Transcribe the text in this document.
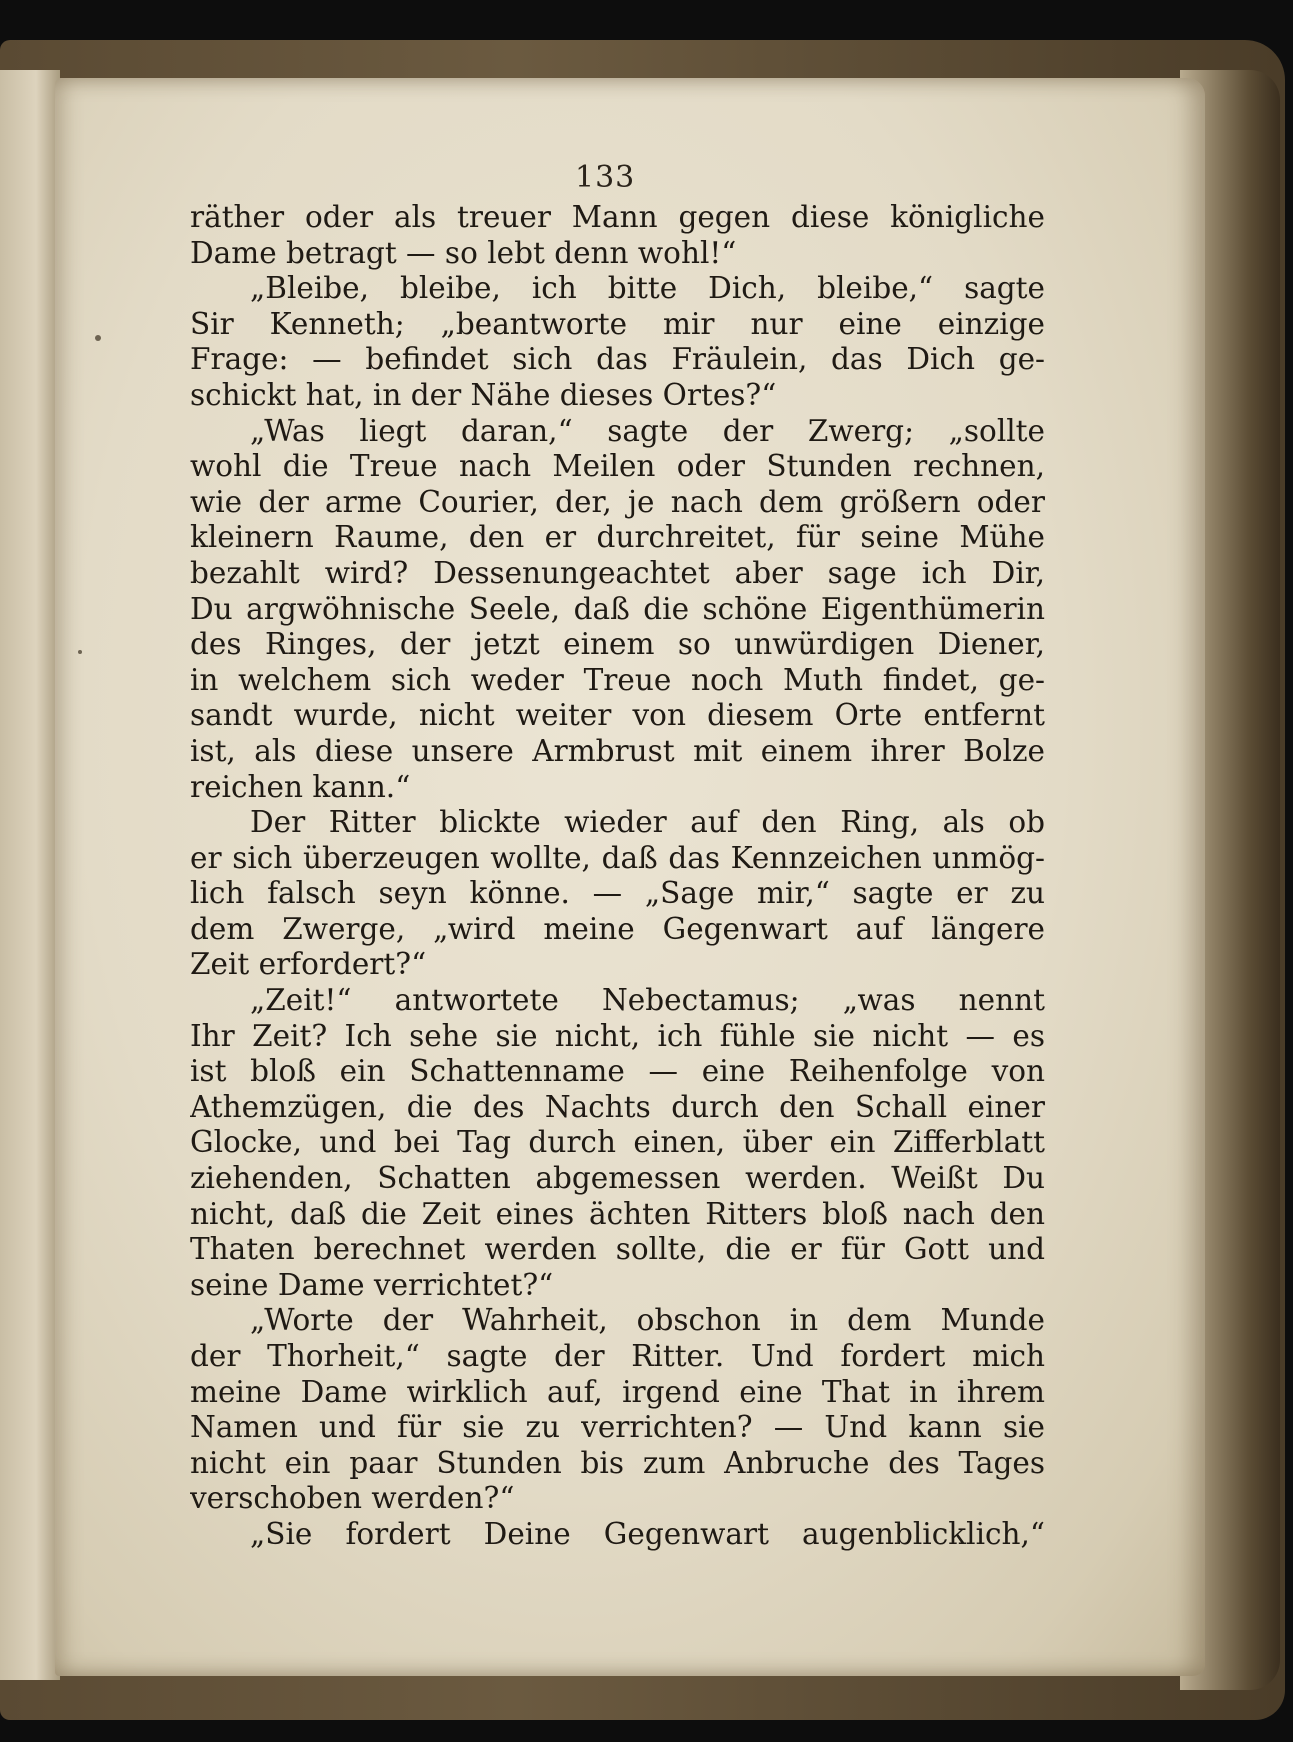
133
räther oder als treuer Mann gegen diese königliche
Dame betragt — so lebt denn wohl!“
„Bleibe, bleibe, ich bitte Dich, bleibe,“ sagte
Sir Kenneth; „beantworte mir nur eine einzige
Frage: — befindet sich das Fräulein, das Dich ge-
schickt hat, in der Nähe dieses Ortes?“
„Was liegt daran,“ sagte der Zwerg; „sollte
wohl die Treue nach Meilen oder Stunden rechnen,
wie der arme Courier, der, je nach dem größern oder
kleinern Raume, den er durchreitet, für seine Mühe
bezahlt wird? Dessenungeachtet aber sage ich Dir,
Du argwöhnische Seele, daß die schöne Eigenthümerin
des Ringes, der jetzt einem so unwürdigen Diener,
in welchem sich weder Treue noch Muth findet, ge-
sandt wurde, nicht weiter von diesem Orte entfernt
ist, als diese unsere Armbrust mit einem ihrer Bolze
reichen kann.“
Der Ritter blickte wieder auf den Ring, als ob
er sich überzeugen wollte, daß das Kennzeichen unmög-
lich falsch seyn könne. — „Sage mir,“ sagte er zu
dem Zwerge, „wird meine Gegenwart auf längere
Zeit erfordert?“
„Zeit!“ antwortete Nebectamus; „was nennt
Ihr Zeit? Ich sehe sie nicht, ich fühle sie nicht — es
ist bloß ein Schattenname — eine Reihenfolge von
Athemzügen, die des Nachts durch den Schall einer
Glocke, und bei Tag durch einen, über ein Zifferblatt
ziehenden, Schatten abgemessen werden. Weißt Du
nicht, daß die Zeit eines ächten Ritters bloß nach den
Thaten berechnet werden sollte, die er für Gott und
seine Dame verrichtet?“
„Worte der Wahrheit, obschon in dem Munde
der Thorheit,“ sagte der Ritter. Und fordert mich
meine Dame wirklich auf, irgend eine That in ihrem
Namen und für sie zu verrichten? — Und kann sie
nicht ein paar Stunden bis zum Anbruche des Tages
verschoben werden?“
„Sie fordert Deine Gegenwart augenblicklich,“
